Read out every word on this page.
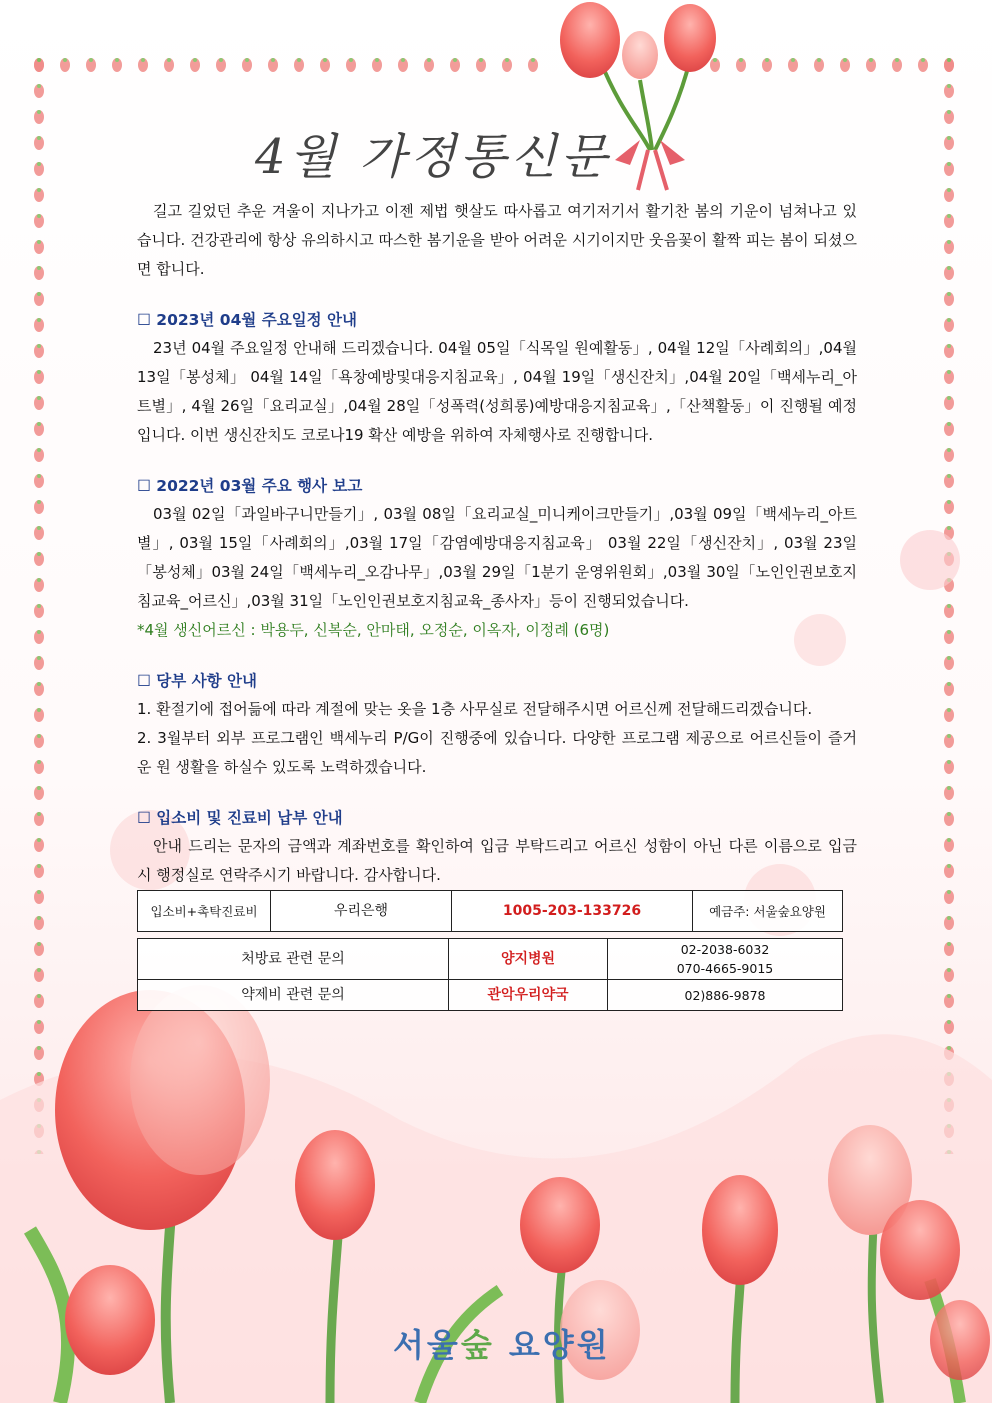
4월 가정통신문

길고 길었던 추운 겨울이 지나가고 이젠 제법 햇살도 따사롭고 여기저기서 활기찬 봄의 기운이 넘쳐나고 있습니다. 건강관리에 항상 유의하시고 따스한 봄기운을 받아 어려운 시기이지만 웃음꽃이 활짝 피는 봄이 되셨으면 합니다.

☐ 2023년 04월 주요일정 안내

23년 04월 주요일정 안내해 드리겠습니다. 04월 05일「식목일 원예활동」, 04월 12일「사례회의」,04월 13일「봉성체」 04월 14일「욕창예방및대응지침교육」, 04월 19일「생신잔치」,04월 20일「백세누리_아트별」, 4월 26일「요리교실」,04월 28일「성폭력(성희롱)예방대응지침교육」,「산책활동」이 진행될 예정입니다. 이번 생신잔치도 코로나19 확산 예방을 위하여 자체행사로 진행합니다.

☐ 2022년 03월 주요 행사 보고

03월 02일「과일바구니만들기」, 03월 08일「요리교실_미니케이크만들기」,03월 09일「백세누리_아트별」, 03월 15일「사례회의」,03월 17일「감염예방대응지침교육」 03월 22일「생신잔치」, 03월 23일「봉성체」03월 24일「백세누리_오감나무」,03월 29일「1분기 운영위원회」,03월 30일「노인인권보호지침교육_어르신」,03월 31일「노인인권보호지침교육_종사자」등이 진행되었습니다.

*4월 생신어르신 : 박용두, 신복순, 안마태, 오정순, 이옥자, 이정례 (6명)

☐ 당부 사항 안내

1. 환절기에 접어듦에 따라 계절에 맞는 옷을 1층 사무실로 전달해주시면 어르신께 전달해드리겠습니다.

2. 3월부터 외부 프로그램인 백세누리 P/G이 진행중에 있습니다. 다양한 프로그램 제공으로 어르신들이 즐거운 원 생활을 하실수 있도록 노력하겠습니다.

☐ 입소비 및 진료비 납부 안내

안내 드리는 문자의 금액과 계좌번호를 확인하여 입금 부탁드리고 어르신 성함이 아닌 다른 이름으로 입금 시 행정실로 연락주시기 바랍니다. 감사합니다.

입소비+촉탁진료비	우리은행	1005-203-133726	예금주: 서울숲요양원
처방료 관련 문의	양지병원	02-2038-6032
070-4665-9015

약제비 관련 문의	관악우리약국	02)886-9878
서울숲 요양원
